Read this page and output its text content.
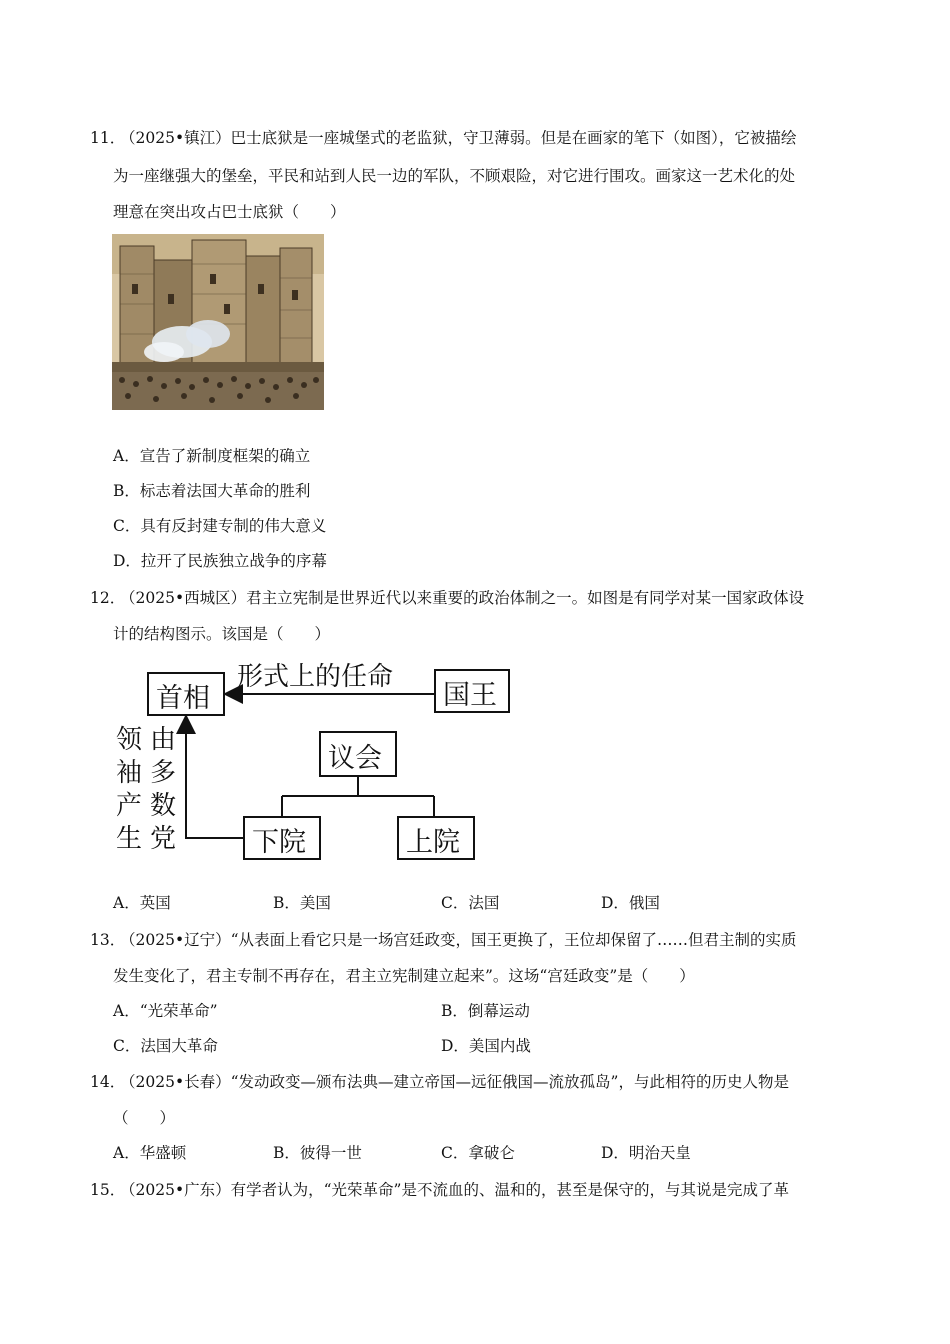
11．
（2025•镇江）巴士底狱是一座城堡式的老监狱，守卫薄弱。但是在画家的笔下（如图），它被描绘
为一座继强大的堡垒，平民和站到人民一边的军队，不顾艰险，对它进行围攻。画家这一艺术化的处
理意在突出攻占巴士底狱（　　）
A．宣告了新制度框架的确立
B．标志着法国大革命的胜利
C．具有反封建专制的伟大意义
D．拉开了民族独立战争的序幕
12．
（2025•西城区）君主立宪制是世界近代以来重要的政治体制之一。如图是有同学对某一国家政体设
计的结构图示。该国是（　　）
首相	国王
形式上的任命
议会
下院	上院
领
袖
产
生
由
多
数
党
A．英国	B．美国	C．法国	D．俄国
13．
（2025•辽宁）“从表面上看它只是一场宫廷政变，国王更换了，王位却保留了……但君主制的实质
发生变化了，君主专制不再存在，君主立宪制建立起来”。这场“宫廷政变”是（　　）
A．“光荣革命”	B．倒幕运动
C．法国大革命	D．美国内战
14．
（2025•长春）“发动政变—颁布法典—建立帝国—远征俄国—流放孤岛”，与此相符的历史人物是
（　　）
A．华盛顿	B．彼得一世	C．拿破仑	D．明治天皇
15．
（2025•广东）有学者认为，“光荣革命”是不流血的、温和的，甚至是保守的，与其说是完成了革
